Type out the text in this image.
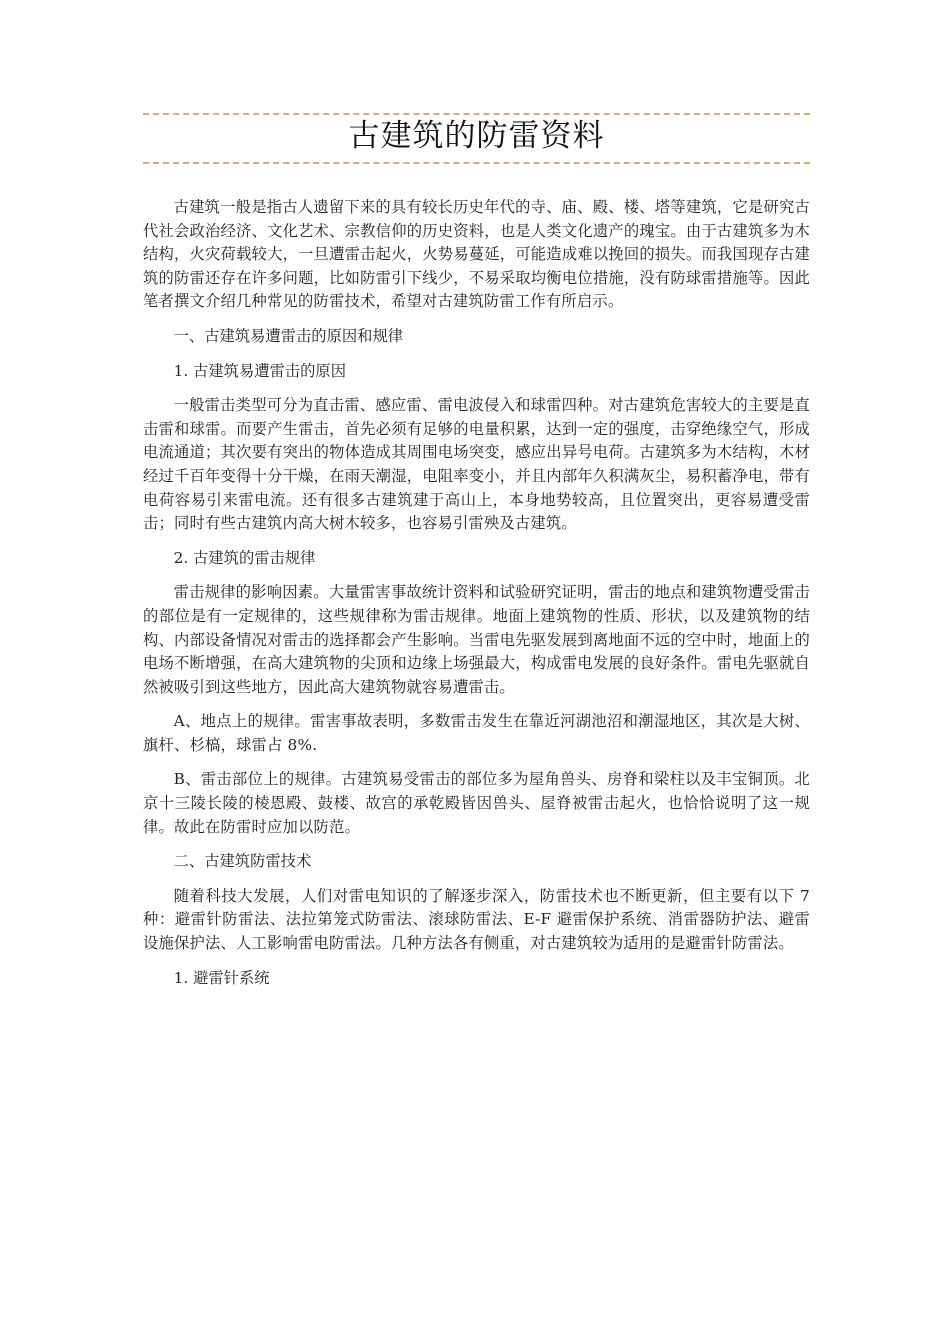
古建筑的防雷资料

古建筑一般是指古人遗留下来的具有较长历史年代的寺、庙、殿、楼、塔等建筑，它是研究古代社会政治经济、文化艺术、宗教信仰的历史资料，也是人类文化遗产的瑰宝。由于古建筑多为木结构，火灾荷载较大，一旦遭雷击起火，火势易蔓延，可能造成难以挽回的损失。而我国现存古建筑的防雷还存在许多问题，比如防雷引下线少，不易采取均衡电位措施，没有防球雷措施等。因此笔者撰文介绍几种常见的防雷技术，希望对古建筑防雷工作有所启示。

一、古建筑易遭雷击的原因和规律

1. 古建筑易遭雷击的原因

一般雷击类型可分为直击雷、感应雷、雷电波侵入和球雷四种。对古建筑危害较大的主要是直击雷和球雷。而要产生雷击，首先必须有足够的电量积累，达到一定的强度，击穿绝缘空气，形成电流通道；其次要有突出的物体造成其周围电场突变，感应出异号电荷。古建筑多为木结构，木材经过千百年变得十分干燥，在雨天潮湿，电阻率变小，并且内部年久积满灰尘，易积蓄净电，带有电荷容易引来雷电流。还有很多古建筑建于高山上，本身地势较高，且位置突出，更容易遭受雷击；同时有些古建筑内高大树木较多，也容易引雷殃及古建筑。

2. 古建筑的雷击规律

雷击规律的影响因素。大量雷害事故统计资料和试验研究证明，雷击的地点和建筑物遭受雷击的部位是有一定规律的，这些规律称为雷击规律。地面上建筑物的性质、形状，以及建筑物的结构、内部设备情况对雷击的选择都会产生影响。当雷电先驱发展到离地面不远的空中时，地面上的电场不断增强，在高大建筑物的尖顶和边缘上场强最大，构成雷电发展的良好条件。雷电先驱就自然被吸引到这些地方，因此高大建筑物就容易遭雷击。

A、地点上的规律。雷害事故表明，多数雷击发生在靠近河湖池沼和潮湿地区，其次是大树、旗杆、杉槁，球雷占 8%.

B、雷击部位上的规律。古建筑易受雷击的部位多为屋角兽头、房脊和梁柱以及丰宝铜顶。北京十三陵长陵的棱恩殿、鼓楼、故宫的承乾殿皆因兽头、屋脊被雷击起火，也恰恰说明了这一规律。故此在防雷时应加以防范。

二、古建筑防雷技术

随着科技大发展，人们对雷电知识的了解逐步深入，防雷技术也不断更新，但主要有以下 7 种：避雷针防雷法、法拉第笼式防雷法、滚球防雷法、E-F 避雷保护系统、消雷器防护法、避雷设施保护法、人工影响雷电防雷法。几种方法各有侧重，对古建筑较为适用的是避雷针防雷法。

1. 避雷针系统
